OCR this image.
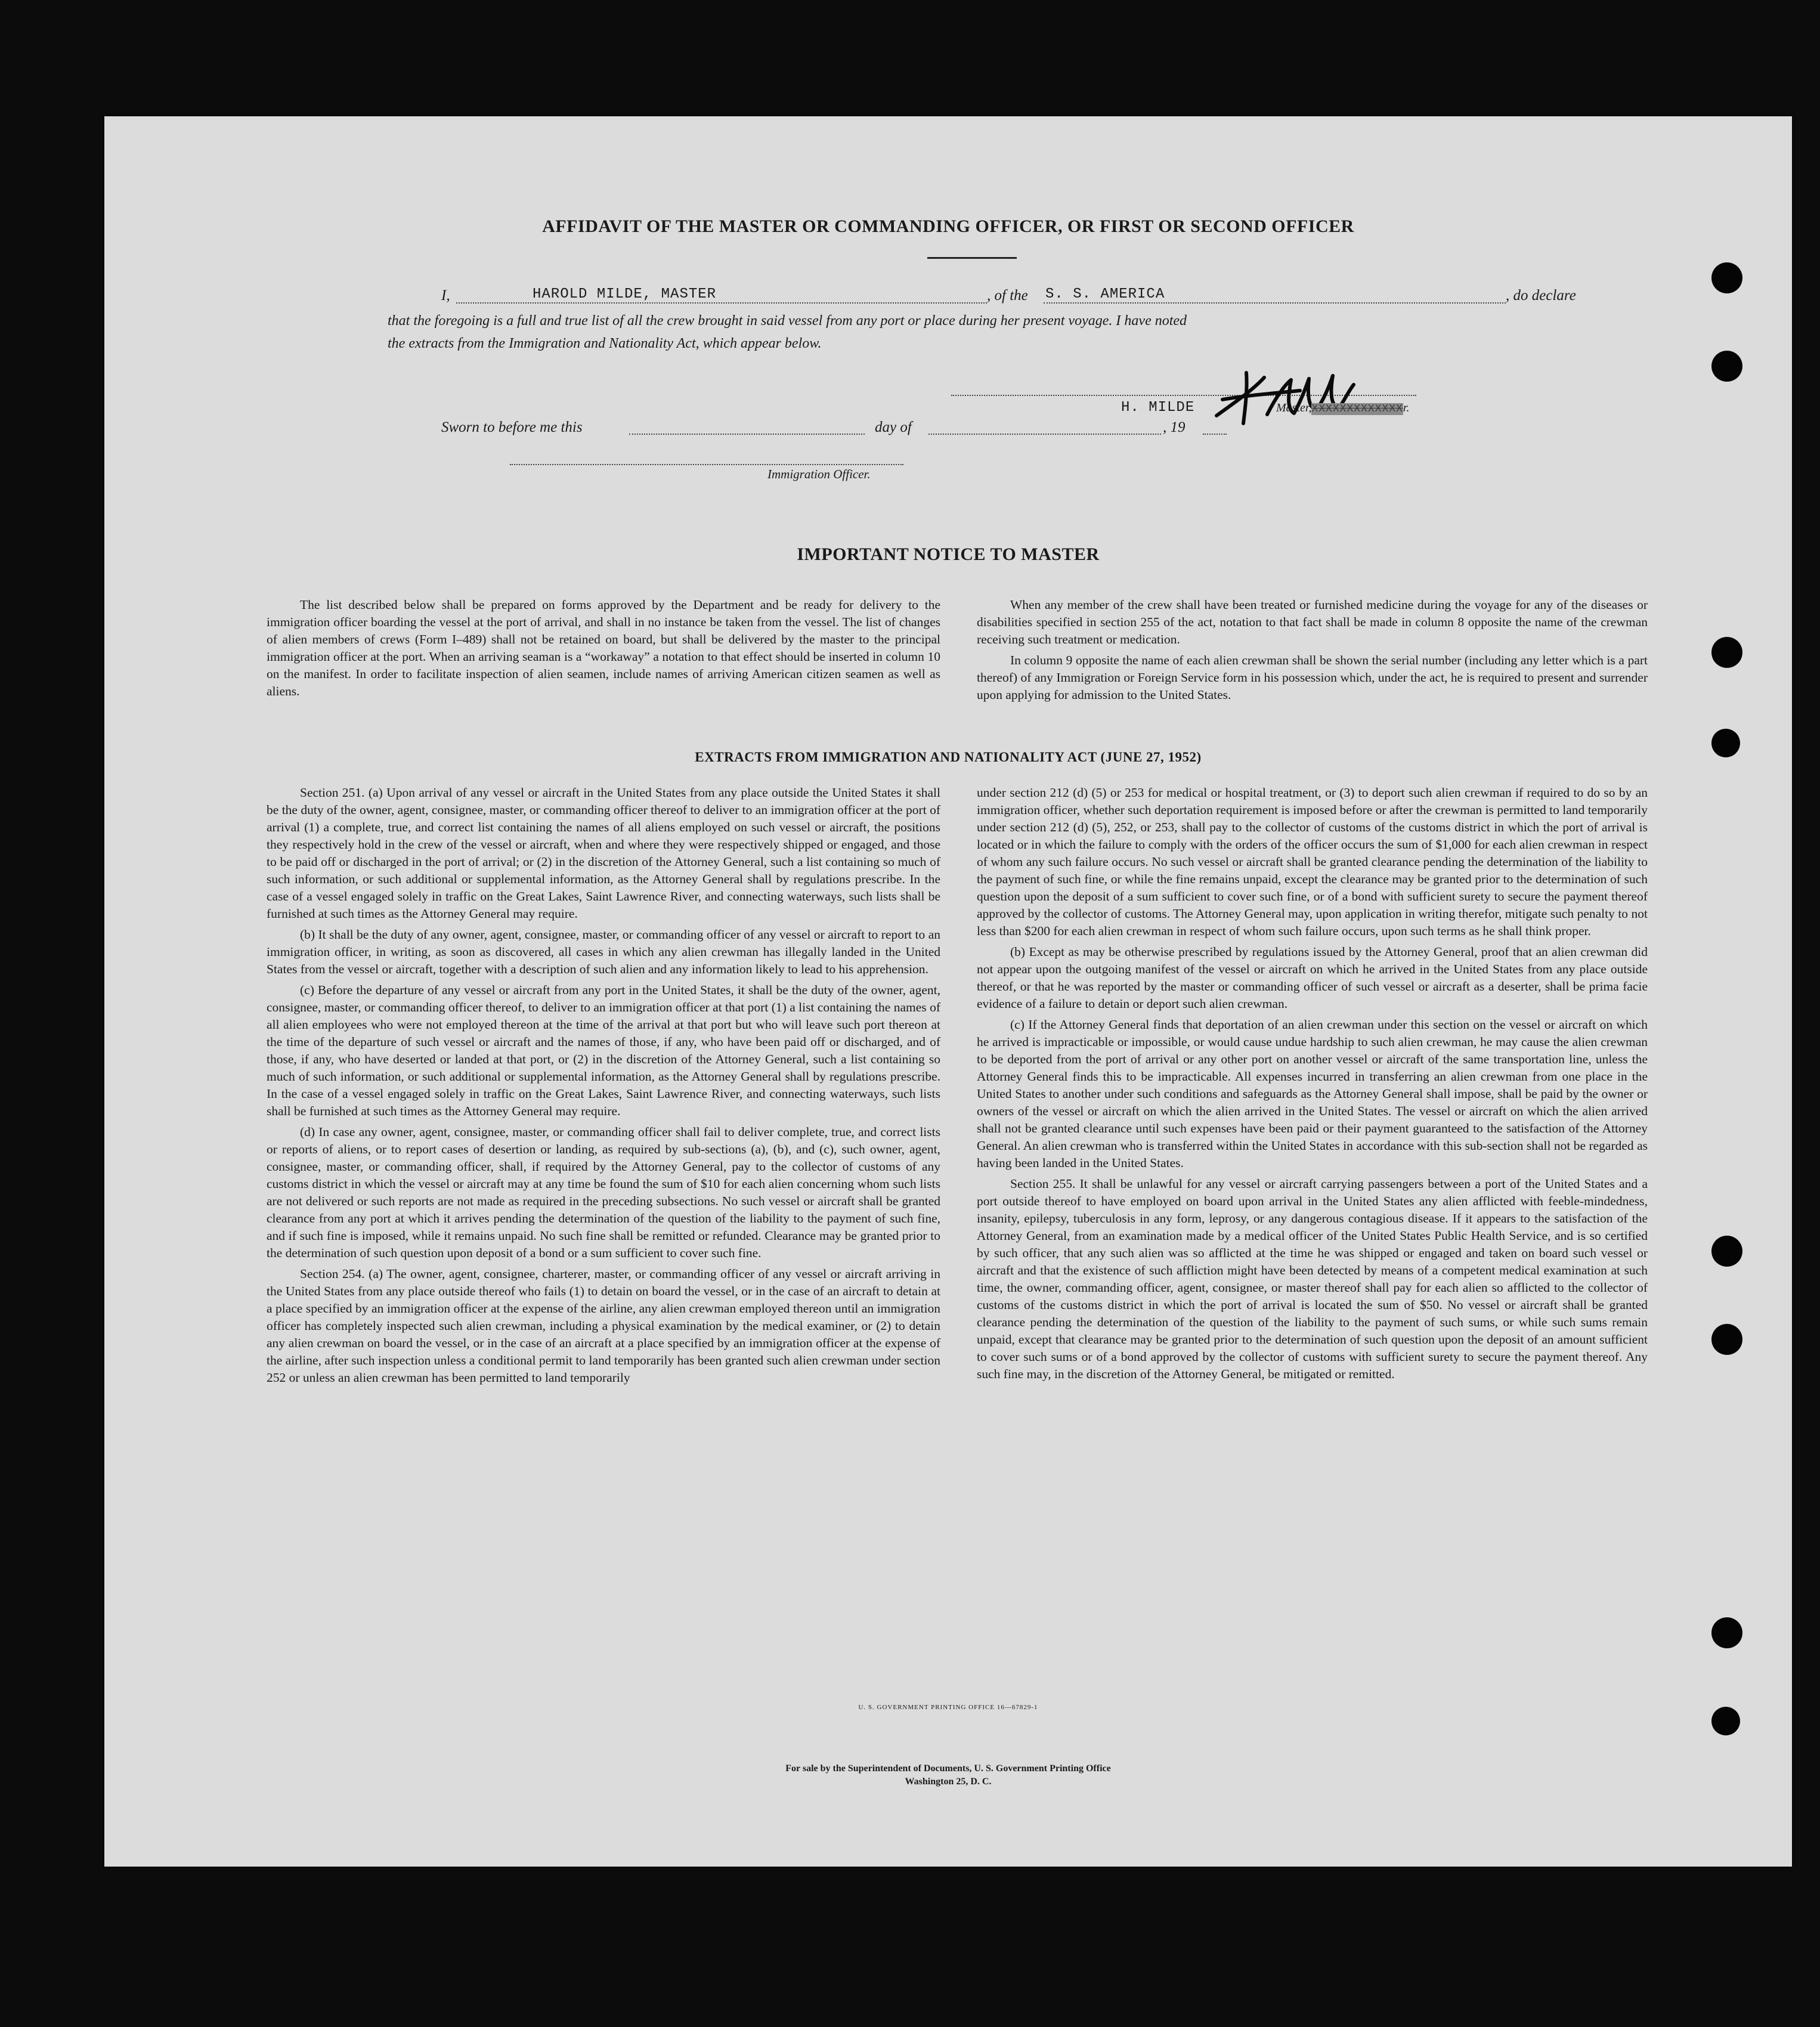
AFFIDAVIT OF THE MASTER OR COMMANDING OFFICER, OR FIRST OR SECOND OFFICER
I,	HAROLD MILDE, MASTER	, of the S. S. AMERICA	, do declare
that the foregoing is a full and true list of all the crew brought in said vessel from any port or place during her present voyage. I have noted
the extracts from the Immigration and Nationality Act, which appear below.
H. MILDE	Master,XXXXXXXXXXXXXr.
Sworn to before me this	day of	, 19
Immigration Officer.
IMPORTANT NOTICE TO MASTER

The list described below shall be prepared on forms approved by the Department and be ready for delivery to the immigration officer boarding the vessel at the port of arrival, and shall in no instance be taken from the vessel. The list of changes of alien members of crews (Form I–489) shall not be retained on board, but shall be delivered by the master to the principal immigration officer at the port. When an arriving seaman is a “workaway” a notation to that effect should be inserted in column 10 on the manifest. In order to facilitate inspection of alien seamen, include names of arriving American citizen seamen as well as aliens.

When any member of the crew shall have been treated or furnished medicine during the voyage for any of the diseases or disabilities specified in section 255 of the act, notation to that fact shall be made in column 8 opposite the name of the crewman receiving such treatment or medication.

In column 9 opposite the name of each alien crewman shall be shown the serial number (including any letter which is a part thereof) of any Immigration or Foreign Service form in his possession which, under the act, he is required to present and surrender upon applying for admission to the United States.

EXTRACTS FROM IMMIGRATION AND NATIONALITY ACT (JUNE 27, 1952)

Section 251. (a) Upon arrival of any vessel or aircraft in the United States from any place outside the United States it shall be the duty of the owner, agent, consignee, master, or commanding officer thereof to deliver to an immigration officer at the port of arrival (1) a complete, true, and correct list containing the names of all aliens employed on such vessel or aircraft, the positions they respectively hold in the crew of the vessel or aircraft, when and where they were respectively shipped or engaged, and those to be paid off or discharged in the port of arrival; or (2) in the discretion of the Attorney General, such a list containing so much of such information, or such additional or supplemental information, as the Attorney General shall by regulations prescribe. In the case of a vessel engaged solely in traffic on the Great Lakes, Saint Lawrence River, and connecting waterways, such lists shall be furnished at such times as the Attorney General may require.

(b) It shall be the duty of any owner, agent, consignee, master, or commanding officer of any vessel or aircraft to report to an immigration officer, in writing, as soon as discovered, all cases in which any alien crewman has illegally landed in the United States from the vessel or aircraft, together with a description of such alien and any information likely to lead to his apprehension.

(c) Before the departure of any vessel or aircraft from any port in the United States, it shall be the duty of the owner, agent, consignee, master, or commanding officer thereof, to deliver to an immigration officer at that port (1) a list containing the names of all alien employees who were not employed thereon at the time of the arrival at that port but who will leave such port thereon at the time of the departure of such vessel or aircraft and the names of those, if any, who have been paid off or discharged, and of those, if any, who have deserted or landed at that port, or (2) in the discretion of the Attorney General, such a list containing so much of such information, or such additional or supplemental information, as the Attorney General shall by regulations prescribe. In the case of a vessel engaged solely in traffic on the Great Lakes, Saint Lawrence River, and connecting waterways, such lists shall be furnished at such times as the Attorney General may require.

(d) In case any owner, agent, consignee, master, or commanding officer shall fail to deliver complete, true, and correct lists or reports of aliens, or to report cases of desertion or landing, as required by sub-sections (a), (b), and (c), such owner, agent, consignee, master, or commanding officer, shall, if required by the Attorney General, pay to the collector of customs of any customs district in which the vessel or aircraft may at any time be found the sum of $10 for each alien concerning whom such lists are not delivered or such reports are not made as required in the preceding subsections. No such vessel or aircraft shall be granted clearance from any port at which it arrives pending the determination of the question of the liability to the payment of such fine, and if such fine is imposed, while it remains unpaid. No such fine shall be remitted or refunded. Clearance may be granted prior to the determination of such question upon deposit of a bond or a sum sufficient to cover such fine.

Section 254. (a) The owner, agent, consignee, charterer, master, or commanding officer of any vessel or aircraft arriving in the United States from any place outside thereof who fails (1) to detain on board the vessel, or in the case of an aircraft to detain at a place specified by an immigration officer at the expense of the airline, any alien crewman employed thereon until an immigration officer has completely inspected such alien crewman, including a physical examination by the medical examiner, or (2) to detain any alien crewman on board the vessel, or in the case of an aircraft at a place specified by an immigration officer at the expense of the airline, after such inspection unless a conditional permit to land temporarily has been granted such alien crewman under section 252 or unless an alien crewman has been permitted to land temporarily

under section 212 (d) (5) or 253 for medical or hospital treatment, or (3) to deport such alien crewman if required to do so by an immigration officer, whether such deportation requirement is imposed before or after the crewman is permitted to land temporarily under section 212 (d) (5), 252, or 253, shall pay to the collector of customs of the customs district in which the port of arrival is located or in which the failure to comply with the orders of the officer occurs the sum of $1,000 for each alien crewman in respect of whom any such failure occurs. No such vessel or aircraft shall be granted clearance pending the determination of the liability to the payment of such fine, or while the fine remains unpaid, except the clearance may be granted prior to the determination of such question upon the deposit of a sum sufficient to cover such fine, or of a bond with sufficient surety to secure the payment thereof approved by the collector of customs. The Attorney General may, upon application in writing therefor, mitigate such penalty to not less than $200 for each alien crewman in respect of whom such failure occurs, upon such terms as he shall think proper.

(b) Except as may be otherwise prescribed by regulations issued by the Attorney General, proof that an alien crewman did not appear upon the outgoing manifest of the vessel or aircraft on which he arrived in the United States from any place outside thereof, or that he was reported by the master or commanding officer of such vessel or aircraft as a deserter, shall be prima facie evidence of a failure to detain or deport such alien crewman.

(c) If the Attorney General finds that deportation of an alien crewman under this section on the vessel or aircraft on which he arrived is impracticable or impossible, or would cause undue hardship to such alien crewman, he may cause the alien crewman to be deported from the port of arrival or any other port on another vessel or aircraft of the same transportation line, unless the Attorney General finds this to be impracticable. All expenses incurred in transferring an alien crewman from one place in the United States to another under such conditions and safeguards as the Attorney General shall impose, shall be paid by the owner or owners of the vessel or aircraft on which the alien arrived in the United States. The vessel or aircraft on which the alien arrived shall not be granted clearance until such expenses have been paid or their payment guaranteed to the satisfaction of the Attorney General. An alien crewman who is transferred within the United States in accordance with this sub-section shall not be regarded as having been landed in the United States.

Section 255. It shall be unlawful for any vessel or aircraft carrying passengers between a port of the United States and a port outside thereof to have employed on board upon arrival in the United States any alien afflicted with feeble-mindedness, insanity, epilepsy, tuberculosis in any form, leprosy, or any dangerous contagious disease. If it appears to the satisfaction of the Attorney General, from an examination made by a medical officer of the United States Public Health Service, and is so certified by such officer, that any such alien was so afflicted at the time he was shipped or engaged and taken on board such vessel or aircraft and that the existence of such affliction might have been detected by means of a competent medical examination at such time, the owner, commanding officer, agent, consignee, or master thereof shall pay for each alien so afflicted to the collector of customs of the customs district in which the port of arrival is located the sum of $50. No vessel or aircraft shall be granted clearance pending the determination of the question of the liability to the payment of such sums, or while such sums remain unpaid, except that clearance may be granted prior to the determination of such question upon the deposit of an amount sufficient to cover such sums or of a bond approved by the collector of customs with sufficient surety to secure the payment thereof. Any such fine may, in the discretion of the Attorney General, be mitigated or remitted.

U. S. GOVERNMENT PRINTING OFFICE 16—67829-1
For sale by the Superintendent of Documents, U. S. Government Printing Office
Washington 25, D. C.
